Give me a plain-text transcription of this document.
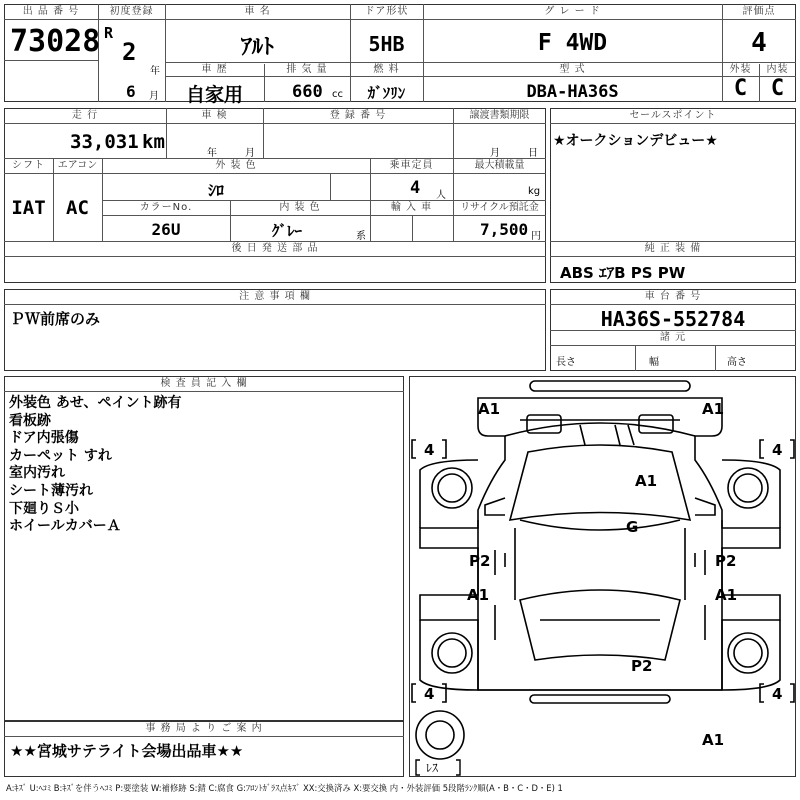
出 品 番 号
73028
初度登録
R
2
年
6 月
車 名
ｱﾙﾄ
ドア形状
5HB
グ レ ー ド
F 4WD
評価点
4
車 歴
自家用
排 気 量
660 cc
燃 料
ｶﾞｿﾘﾝ
型 式
DBA-HA36S
外装
C
内装
C
走 行
33,031 km
車 検
年	月
登 録 番 号	譲渡書類期限
月	日
シフト
IAT
エアコン
AC
外 装 色
ｼﾛ
乗車定員
4 人
最大積載量
kg
カラーNo.
26U
内 装 色
ｸﾞﾚｰ	系
輸 入 車	リサイクル預託金
7,500 円
後 日 発 送 部 品
セールスポイント
★オークションデビュー★
純 正 装 備
ABS ｴｱB PS PW
注 意 事 項 欄
ＰＷ前席のみ
車 台 番 号
HA36S-552784
諸 元
長さ	幅	高さ
検 査 員 記 入 欄
外装色 あせ、ペイント跡有
看板跡
ドア内張傷
カーペット すれ
室内汚れ
シート薄汚れ
下廻りＳ小
ホイールカバーＡ
事 務 局 よ り ご 案 内
★★宮城サテライト会場出品車★★
A1	A1
A1
G
P2	P2
A1	A1
P2
A1
4	4
4	4
ﾚｽ
A:ｷｽﾞ U:ﾍｺﾐ B:ｷｽﾞを伴うﾍｺﾐ P:要塗装 W:補修跡 S:錆 C:腐食 G:ﾌﾛﾝﾄｶﾞﾗｽ点ｷｽﾞ XX:交換済み X:要交換 内・外装評価 5段階ﾗﾝｸ順(A・B・C・D・E) 1
